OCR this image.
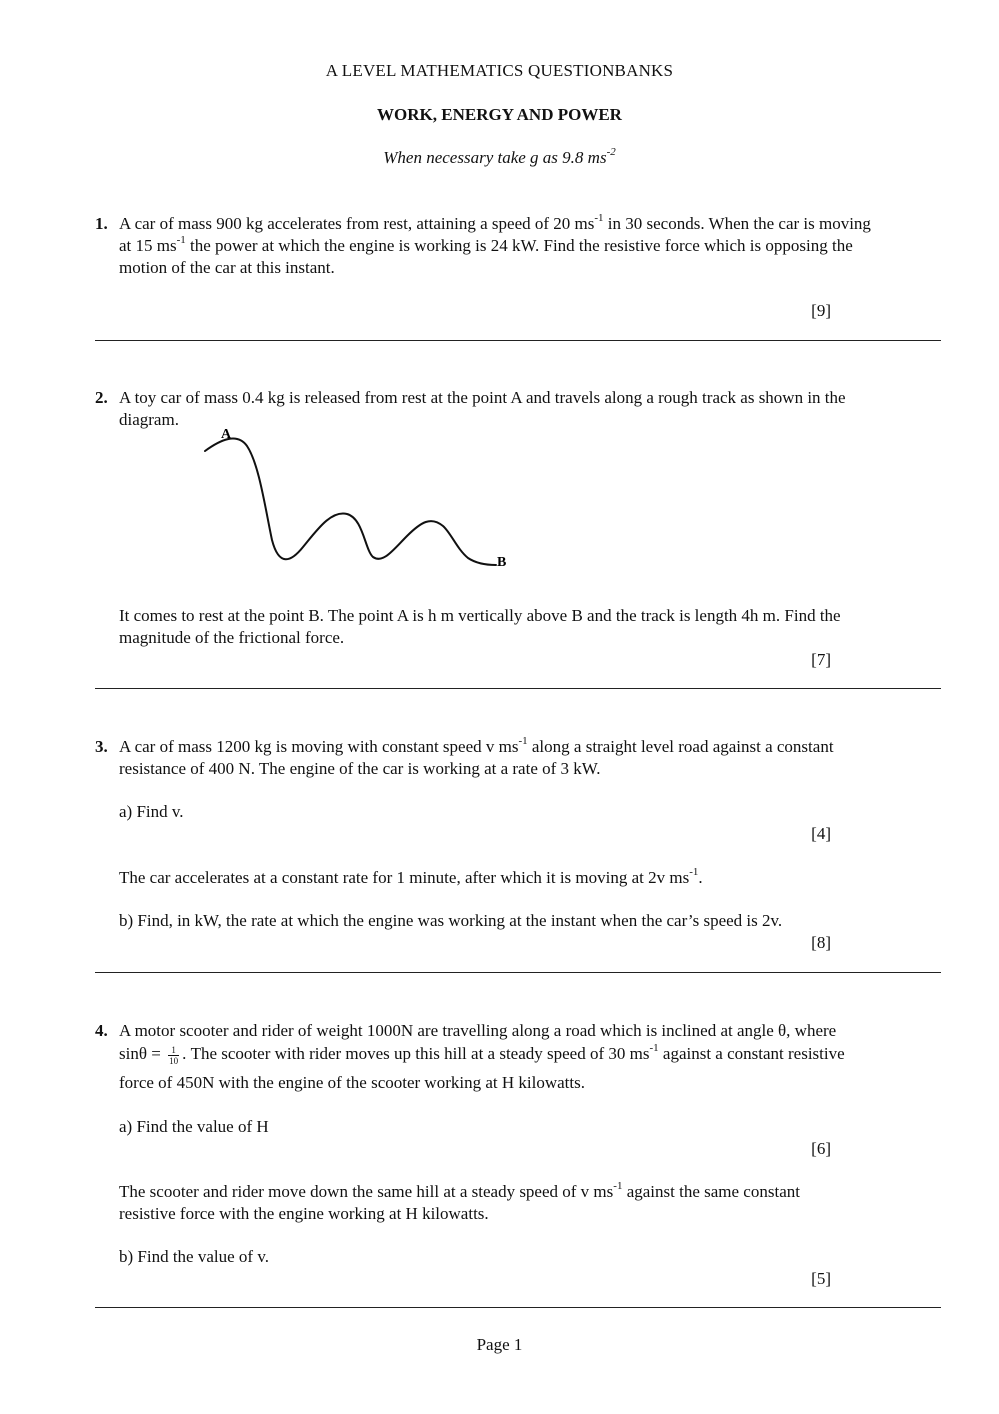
A LEVEL MATHEMATICS QUESTIONBANKS
WORK, ENERGY AND POWER
When necessary take g as 9.8 $ms^{-2}$
1. A car of mass 900 kg accelerates from rest, attaining a speed of 20 $ms^{-1}$ in 30 seconds. When the car is moving
at 15 $ms^{-1}$ the power at which the engine is working is 24 kW. Find the resistive force which is opposing the
motion of the car at this instant.
[9]
2. A toy car of mass 0.4 kg is released from rest at the point A and travels along a rough track as shown in the
diagram.
A
B
It comes to rest at the point B. The point A is h m vertically above B and the track is length 4h m. Find the
magnitude of the frictional force.
[7]
3. A car of mass 1200 kg is moving with constant speed v $ms^{-1}$ along a straight level road against a constant
resistance of 400 N. The engine of the car is working at a rate of 3 kW.
a) Find v.
[4]
The car accelerates at a constant rate for 1 minute, after which it is moving at 2v $ms^{-1}$.
b) Find, in kW, the rate at which the engine was working at the instant when the car’s speed is 2v.
[8]
4. A motor scooter and rider of weight 1000N are travelling along a road which is inclined at angle θ, where
$\sin\theta = \frac{1}{10}$ . The scooter with rider moves up this hill at a steady speed of 30 $ms^{-1}$ against a constant resistive
force of 450N with the engine of the scooter working at H kilowatts.
a) Find the value of H
[6]
The scooter and rider move down the same hill at a steady speed of v $ms^{-1}$ against the same constant
resistive force with the engine working at H kilowatts.
b) Find the value of v.
[5]
Page 1
